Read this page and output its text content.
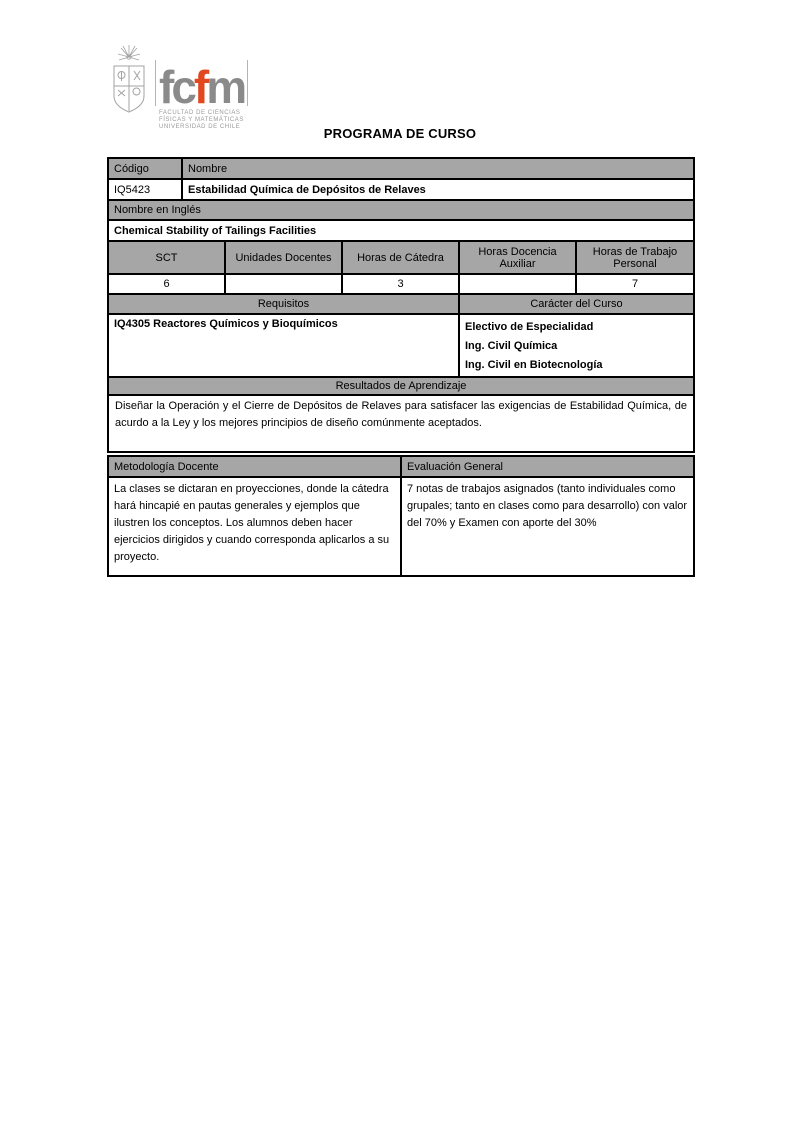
fc f m
FACULTAD DE CIENCIAS
FÍSICAS Y MATEMÁTICAS
UNIVERSIDAD DE CHILE	PROGRAMA DE CURSO
Código	Nombre
IQ5423	Estabilidad Química de Depósitos de Relaves
Nombre en Inglés	
Chemical Stability of Tailings Facilities	
SCT	Unidades Docentes	Horas de Cátedra	Horas Docencia Auxiliar	Horas de Trabajo Personal
6		3		7
Requisitos	Carácter del Curso
IQ4305 Reactores Químicos y Bioquímicos	Electivo de Especialidad
Ing. Civil Química
Ing. Civil en Biotecnología
Resultados de Aprendizaje
Diseñar la Operación y el Cierre de Depósitos de Relaves para satisfacer las exigencias de Estabilidad Química, de acurdo a la Ley y los mejores principios de diseño comúnmente aceptados.
Metodología Docente	Evaluación General
La clases se dictaran en proyecciones, donde la cátedra hará hincapié en pautas generales y ejemplos que ilustren los conceptos. Los alumnos deben hacer ejercicios dirigidos y cuando corresponda aplicarlos a su proyecto.	7 notas de trabajos asignados (tanto individuales como grupales; tanto en clases como para desarrollo) con valor del 70% y Examen con aporte del 30%
